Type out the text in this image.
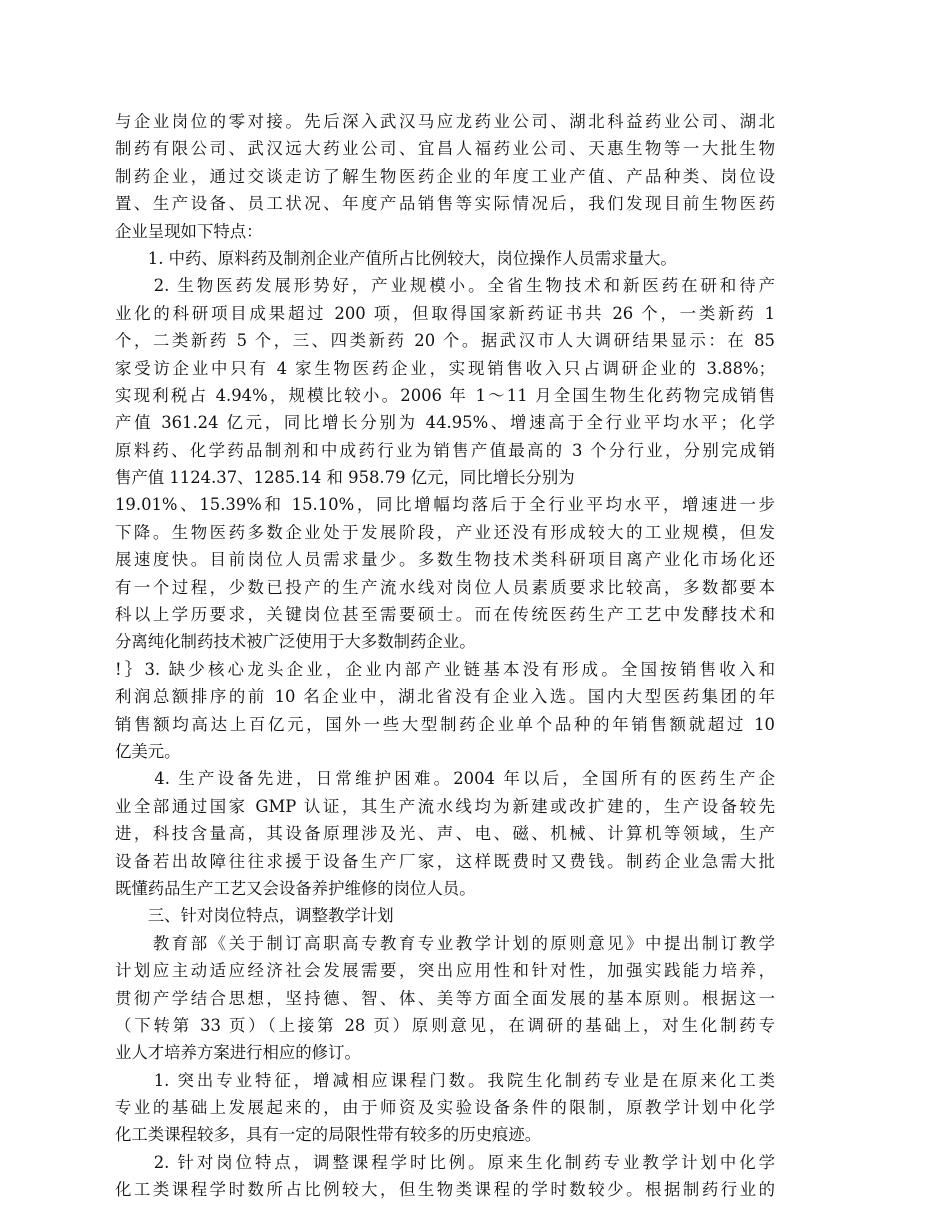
与企业岗位的零对接。先后深入武汉马应龙药业公司、湖北科益药业公司、湖北
制药有限公司、武汉远大药业公司、宜昌人福药业公司、天惠生物等一大批生物
制药企业，通过交谈走访了解生物医药企业的年度工业产值、产品种类、岗位设
置、生产设备、员工状况、年度产品销售等实际情况后，我们发现目前生物医药
企业呈现如下特点：
　　1. 中药、原料药及制剂企业产值所占比例较大，岗位操作人员需求量大。
　　2. 生物医药发展形势好，产业规模小。全省生物技术和新医药在研和待产
业化的科研项目成果超过 200 项，但取得国家新药证书共 26 个，一类新药 1
个，二类新药 5 个，三、四类新药 20 个。据武汉市人大调研结果显示：在 85
家受访企业中只有 4 家生物医药企业，实现销售收入只占调研企业的 3.88%；
实现利税占 4.94%，规模比较小。2006 年 1～11 月全国生物生化药物完成销售
产值 361.24 亿元，同比增长分别为 44.95%、增速高于全行业平均水平；化学
原料药、化学药品制剂和中成药行业为销售产值最高的 3 个分行业，分别完成销
售产值 1124.37、1285.14 和 958.79 亿元，同比增长分别为
19.01%、15.39%和 15.10%，同比增幅均落后于全行业平均水平，增速进一步
下降。生物医药多数企业处于发展阶段，产业还没有形成较大的工业规模，但发
展速度快。目前岗位人员需求量少。多数生物技术类科研项目离产业化市场化还
有一个过程，少数已投产的生产流水线对岗位人员素质要求比较高，多数都要本
科以上学历要求，关键岗位甚至需要硕士。而在传统医药生产工艺中发酵技术和
分离纯化制药技术被广泛使用于大多数制药企业。
!｝3. 缺少核心龙头企业，企业内部产业链基本没有形成。全国按销售收入和
利润总额排序的前 10 名企业中，湖北省没有企业入选。国内大型医药集团的年
销售额均高达上百亿元，国外一些大型制药企业单个品种的年销售额就超过 10
亿美元。
　　4. 生产设备先进，日常维护困难。2004 年以后，全国所有的医药生产企
业全部通过国家 GMP 认证，其生产流水线均为新建或改扩建的，生产设备较先
进，科技含量高，其设备原理涉及光、声、电、磁、机械、计算机等领域，生产
设备若出故障往往求援于设备生产厂家，这样既费时又费钱。制药企业急需大批
既懂药品生产工艺又会设备养护维修的岗位人员。
　　三、针对岗位特点，调整教学计划
　　教育部《关于制订高职高专教育专业教学计划的原则意见》中提出制订教学
计划应主动适应经济社会发展需要，突出应用性和针对性，加强实践能力培养，
贯彻产学结合思想，坚持德、智、体、美等方面全面发展的基本原则。根据这一
（下转第 33 页）（上接第 28 页）原则意见，在调研的基础上，对生化制药专
业人才培养方案进行相应的修订。
　　1. 突出专业特征，增减相应课程门数。我院生化制药专业是在原来化工类
专业的基础上发展起来的，由于师资及实验设备条件的限制，原教学计划中化学
化工类课程较多，具有一定的局限性带有较多的历史痕迹。
　　2. 针对岗位特点，调整课程学时比例。原来生化制药专业教学计划中化学
化工类课程学时数所占比例较大，但生物类课程的学时数较少。根据制药行业的
